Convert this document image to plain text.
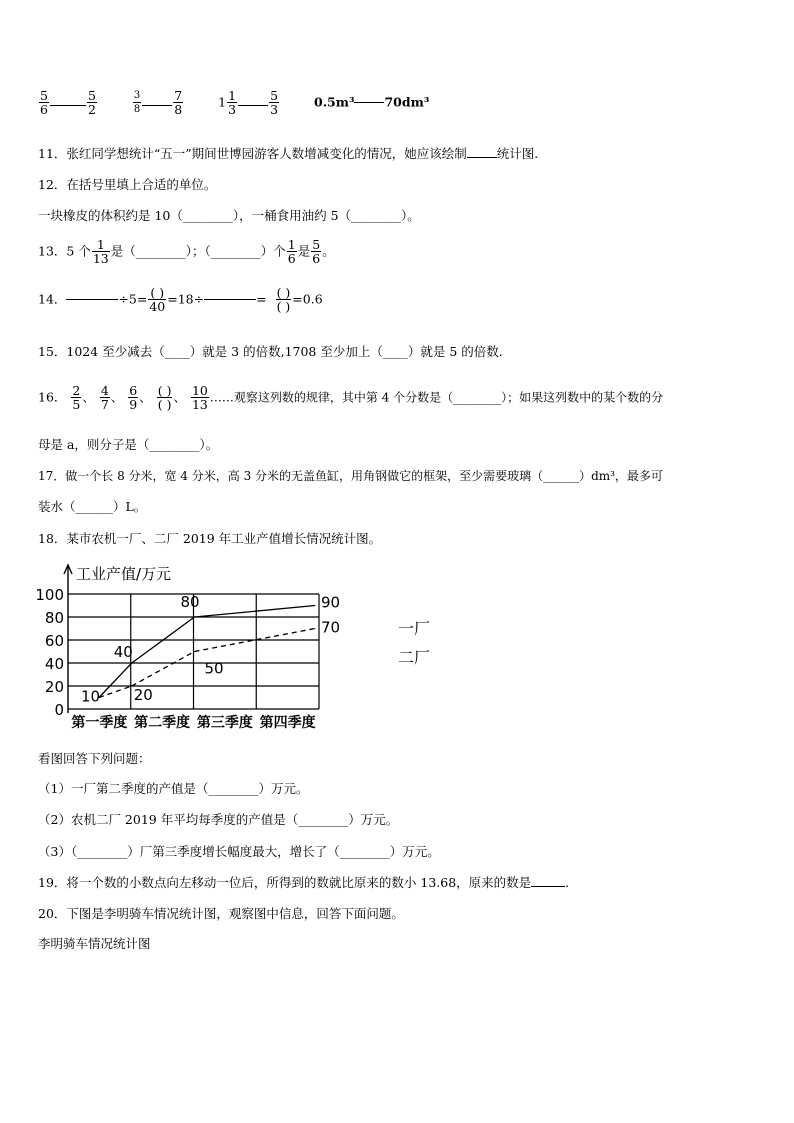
$\frac{5}{6}$	$\frac{5}{2}$
	$\frac{3}{8}$	$\frac{7}{8}$	$1 \frac{1}{3}$	$\frac{5}{3}$	0.5m³ 70dm³
11．张红同学想统计“五一”期间世博园游客人数增减变化的情况，她应该绘制 统计图.
12．在括号里填上合适的单位。
一块橡皮的体积约是 10（________），一桶食用油约 5（________）。
13．5 个 $\frac{1}{13}$ 是（________）；（________）个 $\frac{1}{6}$ 是 $\frac{5}{6}$ 。
14．	$\div 5= \frac{( )}{40} =18\div$	= $\frac{( )}{( )} =0.6$
15．1024 至少减去（____）就是 3 的倍数,1708 至少加上（____）就是 5 的倍数.
16． $\frac{2}{5}$ 、 $\frac{4}{7}$ 、 $\frac{6}{9}$ 、 $\frac{( )}{( )}$ 、 $\frac{10}{13}$ ……观察这列数的规律，其中第 4 个分数是（________）；如果这列数中的某个数的分
母是 a，则分子是（________）。
17．做一个长 8 分米，宽 4 分米，高 3 分米的无盖鱼缸，用角钢做它的框架，至少需要玻璃（______）dm³，最多可
装水（______）L。
18．某市农机一厂、二厂 2019 年工业产值增长情况统计图。
0
20
40
60
80
100
工业产值/万元
第一季度 第二季度 第三季度 第四季度
10
40
80	90
20
50
70	一厂
二厂
看图回答下列问题：
（1）一厂第二季度的产值是（________）万元。
（2）农机二厂 2019 年平均每季度的产值是（________）万元。
（3）（________）厂第三季度增长幅度最大，增长了（________）万元。
19．将一个数的小数点向左移动一位后，所得到的数就比原来的数小 13.68，原来的数是	.
20．下图是李明骑车情况统计图，观察图中信息，回答下面问题。
李明骑车情况统计图
